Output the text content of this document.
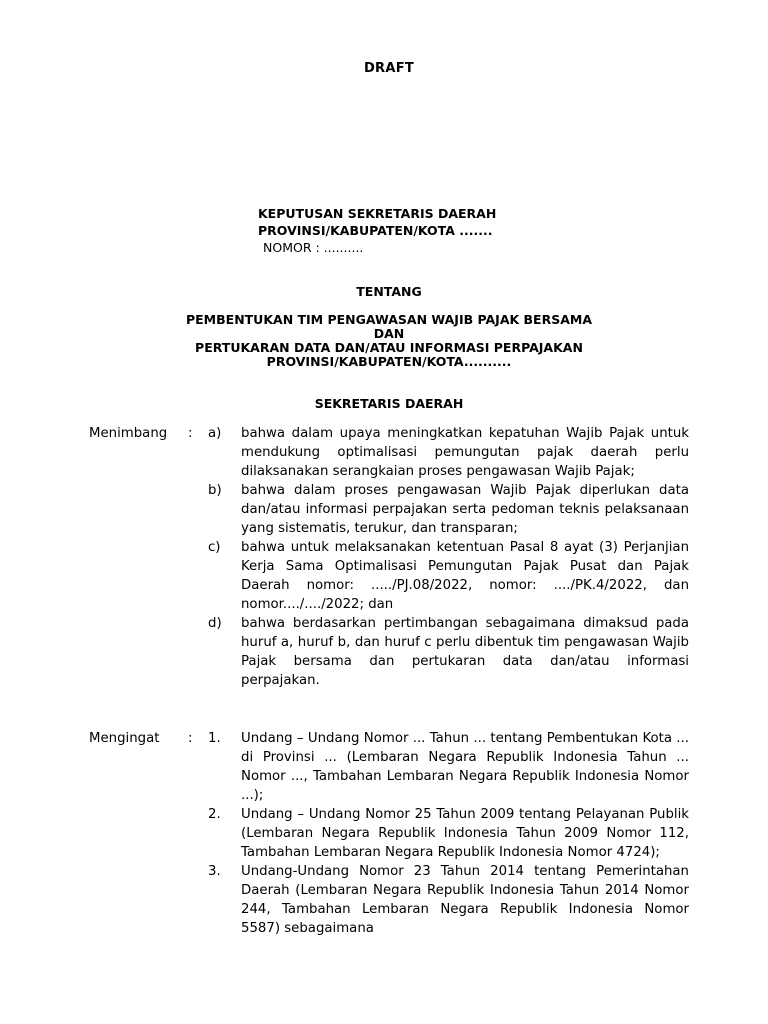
DRAFT
KEPUTUSAN SEKRETARIS DAERAH
PROVINSI/KABUPATEN/KOTA .......
NOMOR : ..........
TENTANG
PEMBENTUKAN TIM PENGAWASAN WAJIB PAJAK BERSAMA
DAN
PERTUKARAN DATA DAN/ATAU INFORMASI PERPAJAKAN
PROVINSI/KABUPATEN/KOTA..........
SEKRETARIS DAERAH
Menimbang : a) bahwa dalam upaya meningkatkan kepatuhan Wajib Pajak untuk mendukung optimalisasi pemungutan pajak daerah perlu dilaksanakan serangkaian proses pengawasan Wajib Pajak;
b) bahwa dalam proses pengawasan Wajib Pajak diperlukan data dan/atau informasi perpajakan serta pedoman teknis pelaksanaan yang sistematis, terukur, dan transparan;
c) bahwa untuk melaksanakan ketentuan Pasal 8 ayat (3) Perjanjian Kerja Sama Optimalisasi Pemungutan Pajak Pusat dan Pajak Daerah nomor: ...../PJ.08/2022, nomor: ..../PK.4/2022, dan nomor..../..../2022; dan
d) bahwa berdasarkan pertimbangan sebagaimana dimaksud pada huruf a, huruf b, dan huruf c perlu dibentuk tim pengawasan Wajib Pajak bersama dan pertukaran data dan/atau informasi perpajakan.
Mengingat	: 1. Undang – Undang Nomor ... Tahun ... tentang Pembentukan Kota ... di Provinsi ... (Lembaran Negara Republik Indonesia Tahun ... Nomor ..., Tambahan Lembaran Negara Republik Indonesia Nomor ...);
2. Undang – Undang Nomor 25 Tahun 2009 tentang Pelayanan Publik (Lembaran Negara Republik Indonesia Tahun 2009 Nomor 112, Tambahan Lembaran Negara Republik Indonesia Nomor 4724);
3. Undang-Undang Nomor 23 Tahun 2014 tentang Pemerintahan Daerah (Lembaran Negara Republik Indonesia Tahun 2014 Nomor 244, Tambahan Lembaran Negara Republik Indonesia Nomor 5587) sebagaimana
